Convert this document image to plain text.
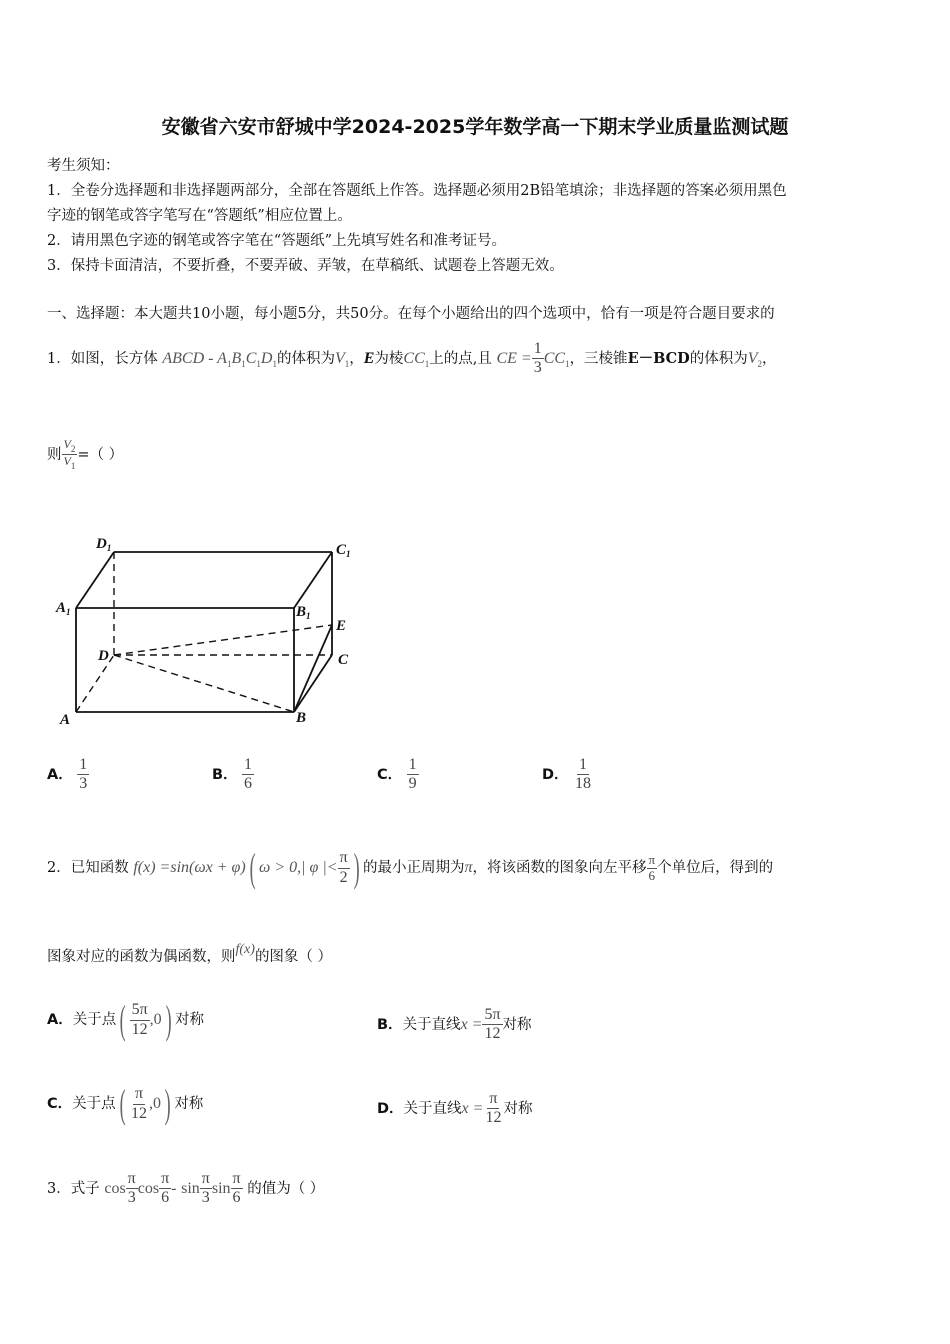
安徽省六安市舒城中学2024-2025学年数学高一下期末学业质量监测试题
考生须知：
1．全卷分选择题和非选择题两部分，全部在答题纸上作答。选择题必须用2B铅笔填涂；非选择题的答案必须用黑色
字迹的钢笔或答字笔写在“答题纸”相应位置上。
2．请用黑色字迹的钢笔或答字笔在“答题纸”上先填写姓名和准考证号。
3．保持卡面清洁，不要折叠，不要弄破、弄皱，在草稿纸、试题卷上答题无效。
一、选择题：本大题共10小题，每小题5分，共50分。在每个小题给出的四个选项中，恰有一项是符合题目要求的
1．如图，长方体 ABCD - $A_1B_1C_1D_1$的体积为$V_1$，E为棱$CC_1$上的点,且 CE = $\frac{1}{3} CC_1$，三棱锥E－BCD的体积为$V_2$，
则 $\frac{V_2}{V_1}$ =（ ）
$D_1$	$C_1$
$A_1$	$B_1$
E
D	C
A	B
A． $\frac{1}{3}$	B． $\frac{1}{6}$	C． $\frac{1}{9}$	D． $\frac{1}{18}$
2．已知函数 f(x) =sin(ωx + φ)( ω > 0,| φ |< $\frac{\pi}{2}$ ) 的最小正周期为π，将该函数的图象向左平移 $\frac{\pi}{6}$ 个单位后，得到的
图象对应的函数为偶函数，则f(x)的图象（ ）
A．关于点( $\frac{5\pi}{12} ,0$) 对称	B．关于直线$x = \frac{5\pi}{12}$ 对称
C．关于点( $\frac{\pi}{12} ,0$) 对称	D．关于直线$x = \frac{\pi}{12}$ 对称
3．式子 $\cos \frac{\pi}{3}$ $\cos \frac{\pi}{6}$ - $\sin \frac{\pi}{3}$ $\sin \frac{\pi}{6}$ 的值为（ ）
